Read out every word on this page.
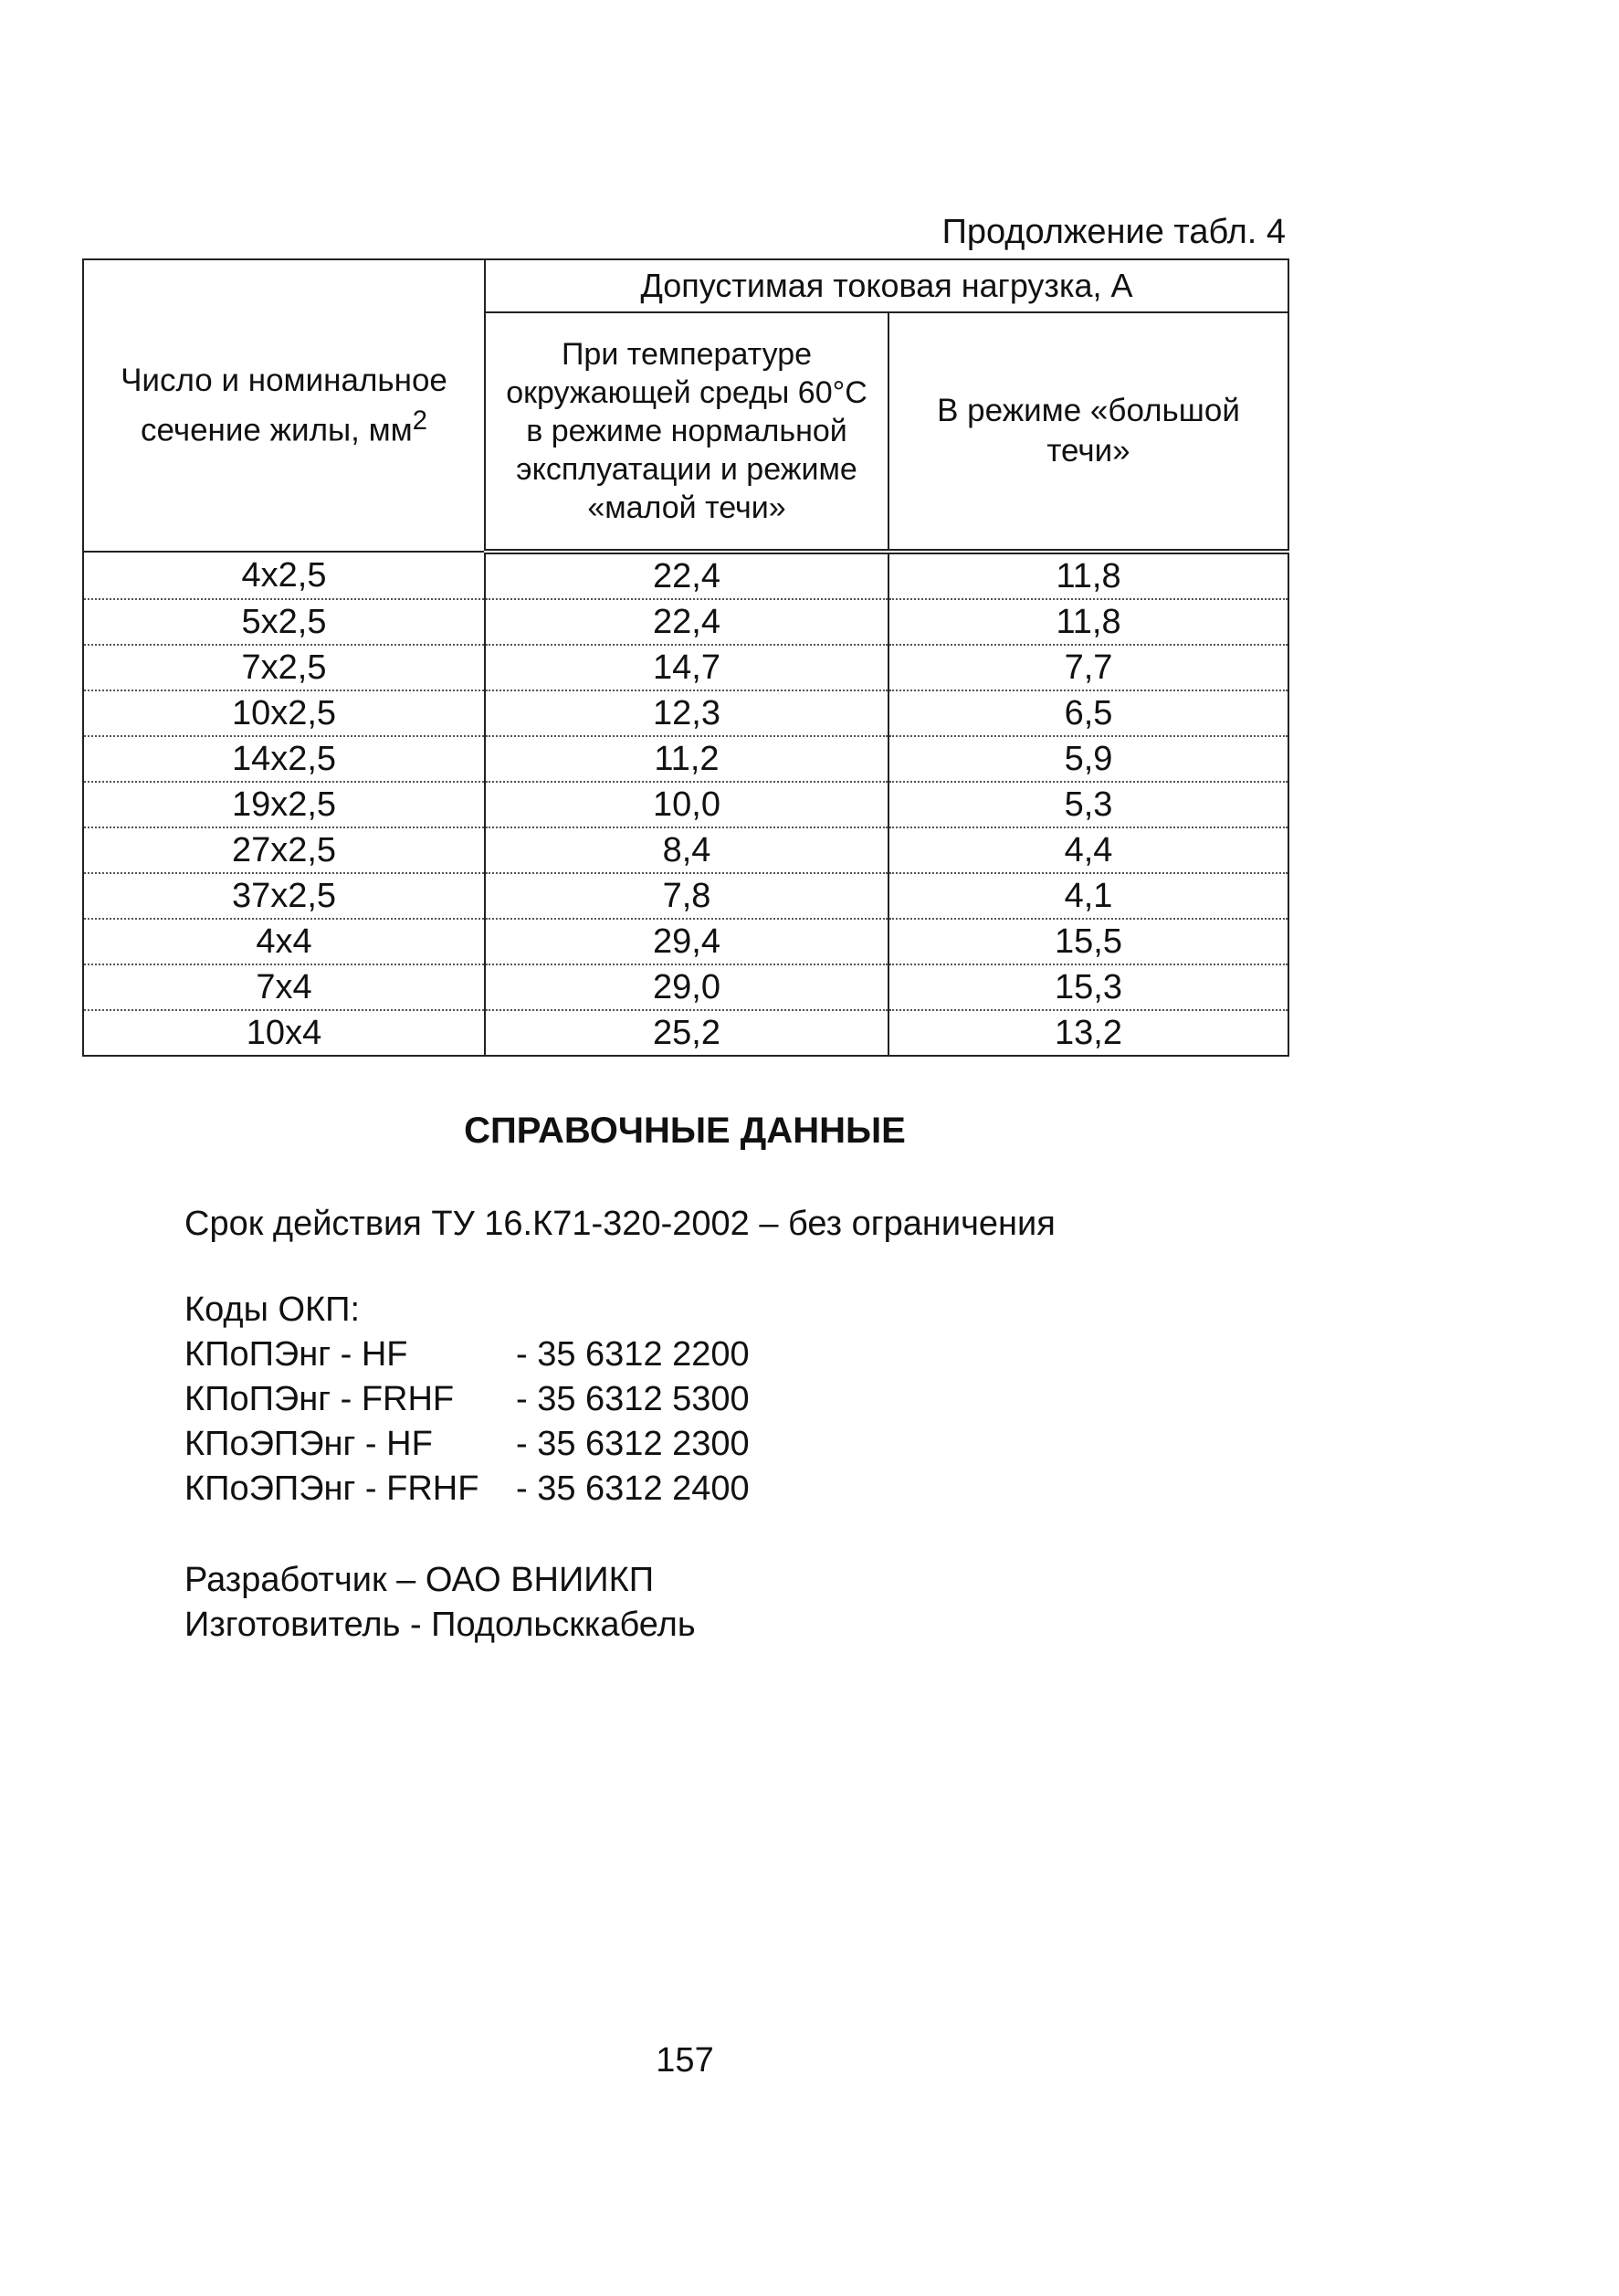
Продолжение табл. 4
Число и номинальное сечение жилы, $мм^2$	Допустимая токовая нагрузка, А	
	При температуре окружающей среды 60°С в режиме нормальной эксплуатации и режиме «малой течи»	В режиме «большой течи»
4x2,5	22,4	11,8
5x2,5	22,4	11,8
7x2,5	14,7	7,7
10x2,5	12,3	6,5
14x2,5	11,2	5,9
19x2,5	10,0	5,3
27x2,5	8,4	4,4
37x2,5	7,8	4,1
4x4	29,4	15,5
7x4	29,0	15,3
10x4	25,2	13,2
СПРАВОЧНЫЕ ДАННЫЕ
Срок действия ТУ 16.К71-320-2002 – без ограничения
Коды ОКП:
КПоПЭнг - HF	- 35 6312 2200
КПоПЭнг - FRHF	- 35 6312 5300
КПоЭПЭнг - HF	- 35 6312 2300
КПоЭПЭнг - FRHF	- 35 6312 2400
Разработчик – ОАО ВНИИКП
Изготовитель - Подольсккабель
157
